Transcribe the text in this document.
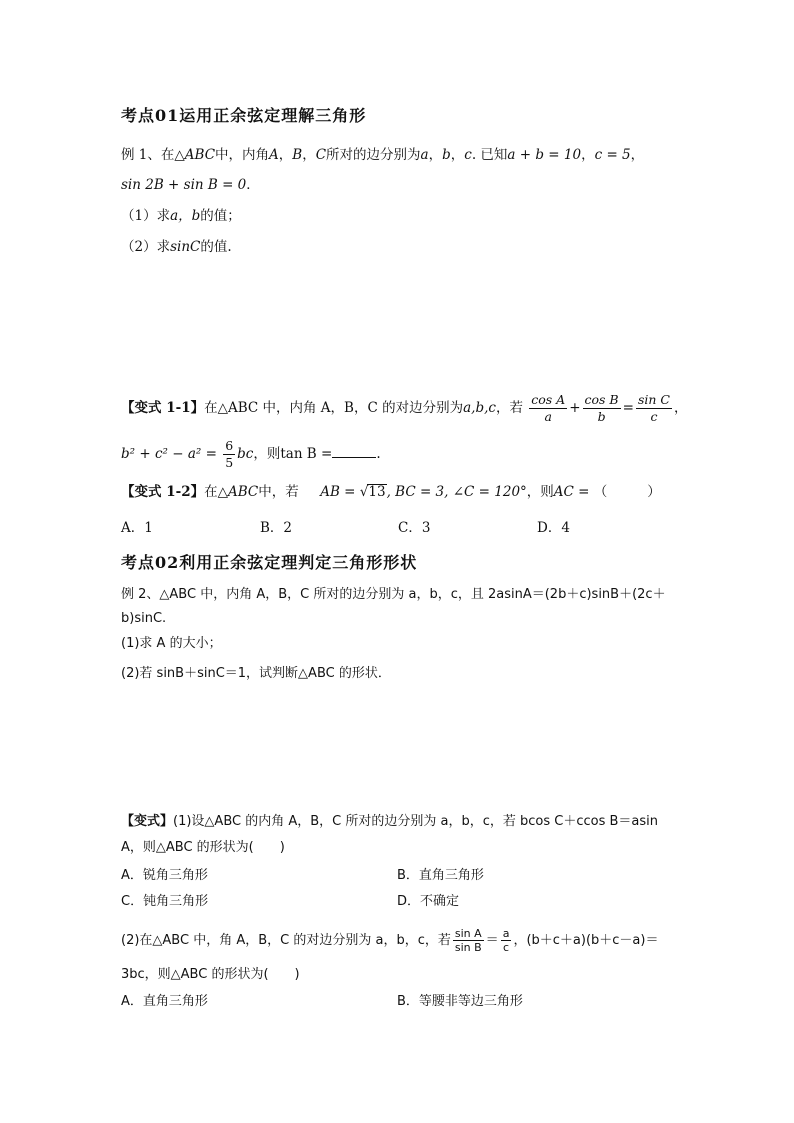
考点01运用正余弦定理解三角形
例 1、在△ABC中，内角A，B，C所对的边分别为a，b，c. 已知a + b = 10，c = 5，
sin 2B + sin B = 0．
（1）求a，b的值；
（2）求sinC的值.
【变式 1-1】在△ABC 中，内角 A，B，C 的对边分别为a,b,c，若 $\frac{\text{cos A}}{a} + \frac{\text{cos B}}{b} = \frac{\text{sin C}}{c}$ ，
$b^2 + c^2 - a^2 = \frac{6}{5}$ bc，则tan B =	.
【变式 1-2】在△ABC中，若 AB = √13, BC = 3, ∠C = 120°，则AC = （	）
A．1	B．2	C．3	D．4
考点02利用正余弦定理判定三角形形状
例 2、△ABC 中，内角 A，B，C 所对的边分别为 a，b，c，且 2asinA＝(2b＋c)sinB＋(2c＋
b)sinC.
(1)求 A 的大小；
(2)若 sinB＋sinC＝1，试判断△ABC 的形状．
【变式】(1)设△ABC 的内角 A，B，C 所对的边分别为 a，b，c，若 bcos C＋ccos B＝asin
A，则△ABC 的形状为(　　)
A．锐角三角形	B．直角三角形
C．钝角三角形	D．不确定
(2)在△ABC 中，角 A，B，C 的对边分别为 a，b，c，若 $\frac{\text{sin A}}{\text{sin B}} = \frac{a}{c}$ ，(b＋c＋a)(b＋c－a)＝
3bc，则△ABC 的形状为(　　)
A．直角三角形	B．等腰非等边三角形
